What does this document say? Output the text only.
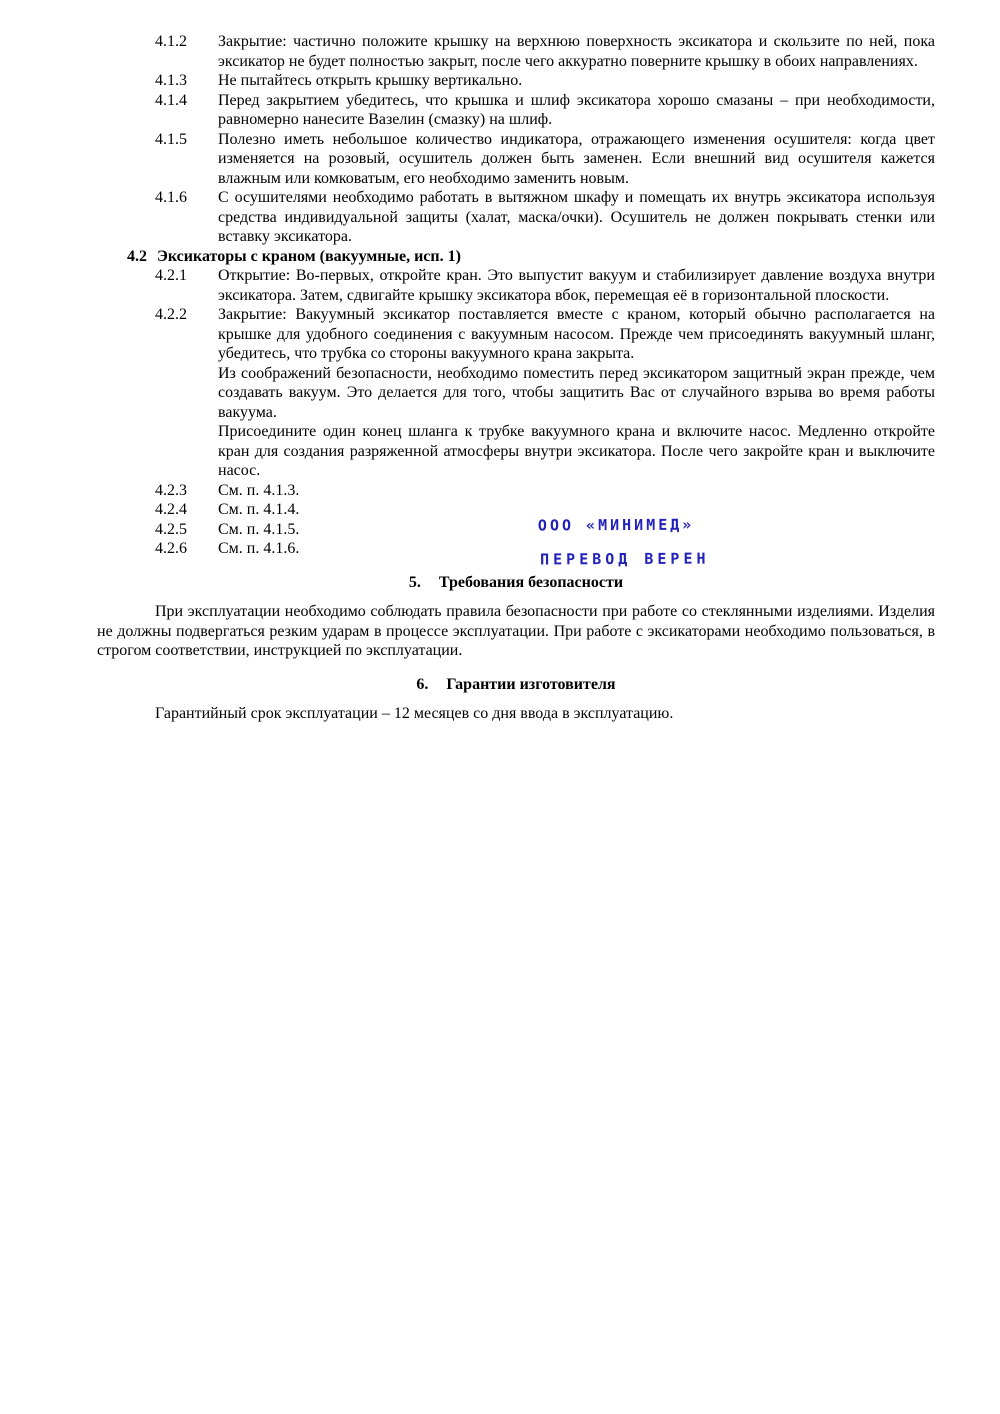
4.1.2	Закрытие: частично положите крышку на верхнюю поверхность эксикатора и скользите по ней, пока эксикатор не будет полностью закрыт, после чего аккуратно поверните крышку в обоих направлениях.
4.1.3	Не пытайтесь открыть крышку вертикально.
4.1.4	Перед закрытием убедитесь, что крышка и шлиф эксикатора хорошо смазаны – при необходимости, равномерно нанесите Вазелин (смазку) на шлиф.
4.1.5	Полезно иметь небольшое количество индикатора, отражающего изменения осушителя: когда цвет изменяется на розовый, осушитель должен быть заменен. Если внешний вид осушителя кажется влажным или комковатым, его необходимо заменить новым.
4.1.6	С осушителями необходимо работать в вытяжном шкафу и помещать их внутрь эксикатора используя средства индивидуальной защиты (халат, маска/очки). Осушитель не должен покрывать стенки или вставку эксикатора.
4.2 Эксикаторы с краном (вакуумные, исп. 1)
4.2.1	Открытие: Во-первых, откройте кран. Это выпустит вакуум и стабилизирует давление воздуха внутри эксикатора. Затем, сдвигайте крышку эксикатора вбок, перемещая её в горизонтальной плоскости.
4.2.2	Закрытие: Вакуумный эксикатор поставляется вместе с краном, который обычно располагается на крышке для удобного соединения с вакуумным насосом. Прежде чем присоединять вакуумный шланг, убедитесь, что трубка со стороны вакуумного крана закрыта.
Из соображений безопасности, необходимо поместить перед эксикатором защитный экран прежде, чем создавать вакуум. Это делается для того, чтобы защитить Вас от случайного взрыва во время работы вакуума.
Присоедините один конец шланга к трубке вакуумного крана и включите насос. Медленно откройте кран для создания разряженной атмосферы внутри эксикатора. После чего закройте кран и выключите насос.
4.2.3	См. п. 4.1.3.
4.2.4	См. п. 4.1.4.
4.2.5	См. п. 4.1.5.
4.2.6	См. п. 4.1.6.
ООО «МИНИМЕД»
ПЕРЕВОД ВЕРЕН
5. Требования безопасности

При эксплуатации необходимо соблюдать правила безопасности при работе со стеклянными изделиями. Изделия не должны подвергаться резким ударам в процессе эксплуатации. При работе с эксикаторами необходимо пользоваться, в строгом соответствии, инструкцией по эксплуатации.

6. Гарантии изготовителя

Гарантийный срок эксплуатации – 12 месяцев со дня ввода в эксплуатацию.
